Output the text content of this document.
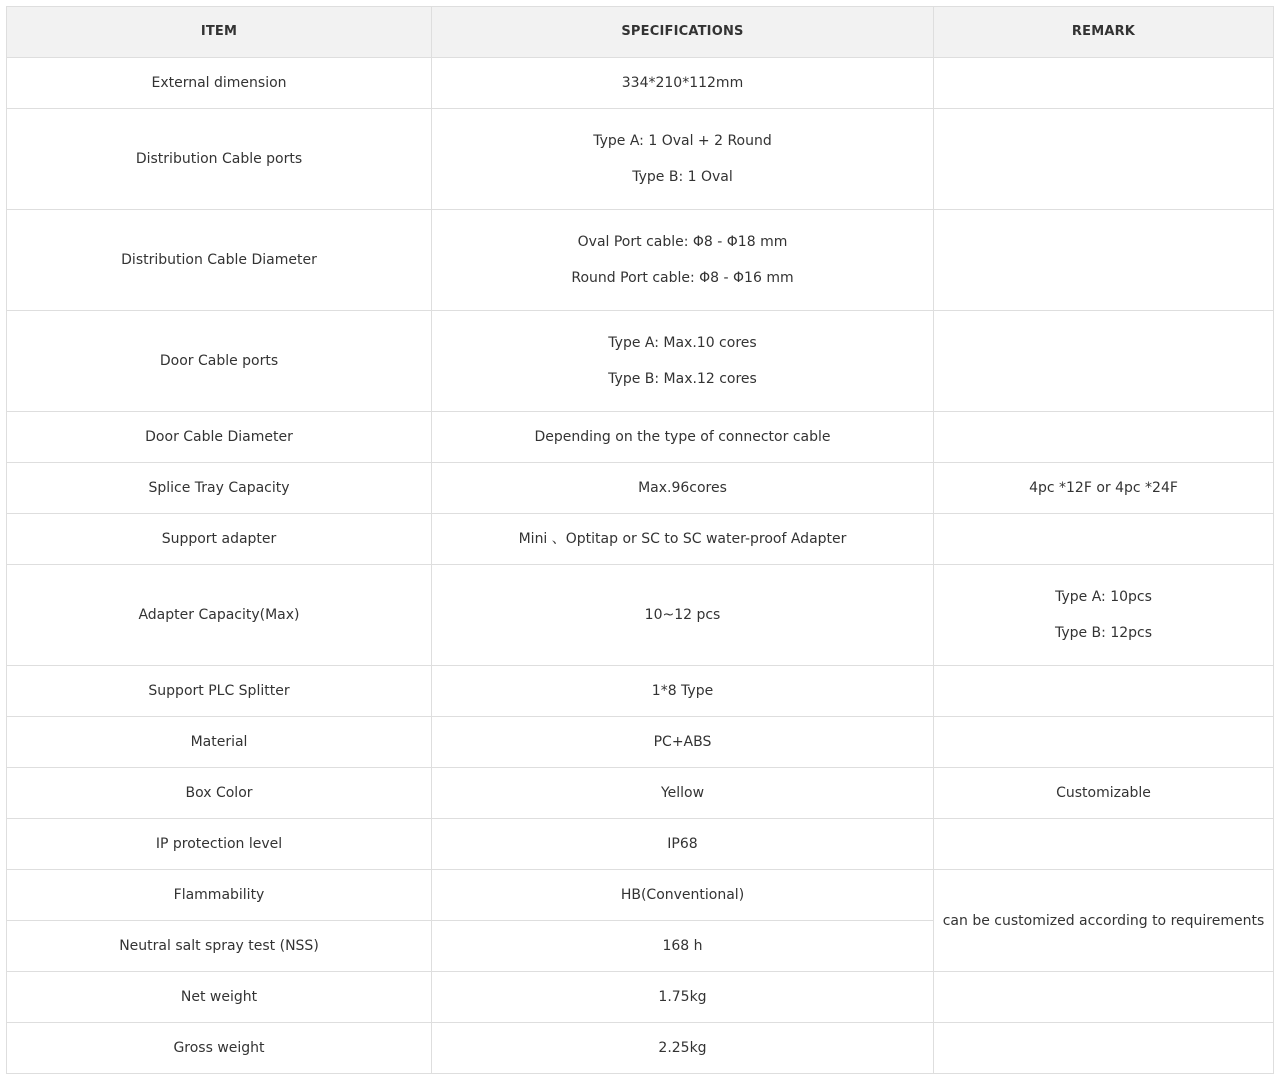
ITEM	SPECIFICATIONS	REMARK
External dimension	334*210*112mm	

Distribution Cable ports	Type A: 1 Oval + 2 Round
Type B: 1 Oval	

Distribution Cable Diameter	Oval Port cable: Φ8 - Φ18 mm
Round Port cable: Φ8 - Φ16 mm	

Door Cable ports	Type A: Max.10 cores
Type B: Max.12 cores	

Door Cable Diameter	Depending on the type of connector cable	

Splice Tray Capacity	Max.96cores	4pc *12F or 4pc *24F

Support adapter	Mini 、Optitap or SC to SC water-proof Adapter	

Adapter Capacity(Max)	10~12 pcs	Type A: 10pcs
Type B: 12pcs

Support PLC Splitter	1*8 Type	

Material	PC+ABS	

Box Color	Yellow	Customizable

IP protection level	IP68	

Flammability	HB(Conventional)	can be customized according to requirements
Neutral salt spray test (NSS)	168 h	

Net weight	1.75kg	

Gross weight	2.25kg	
